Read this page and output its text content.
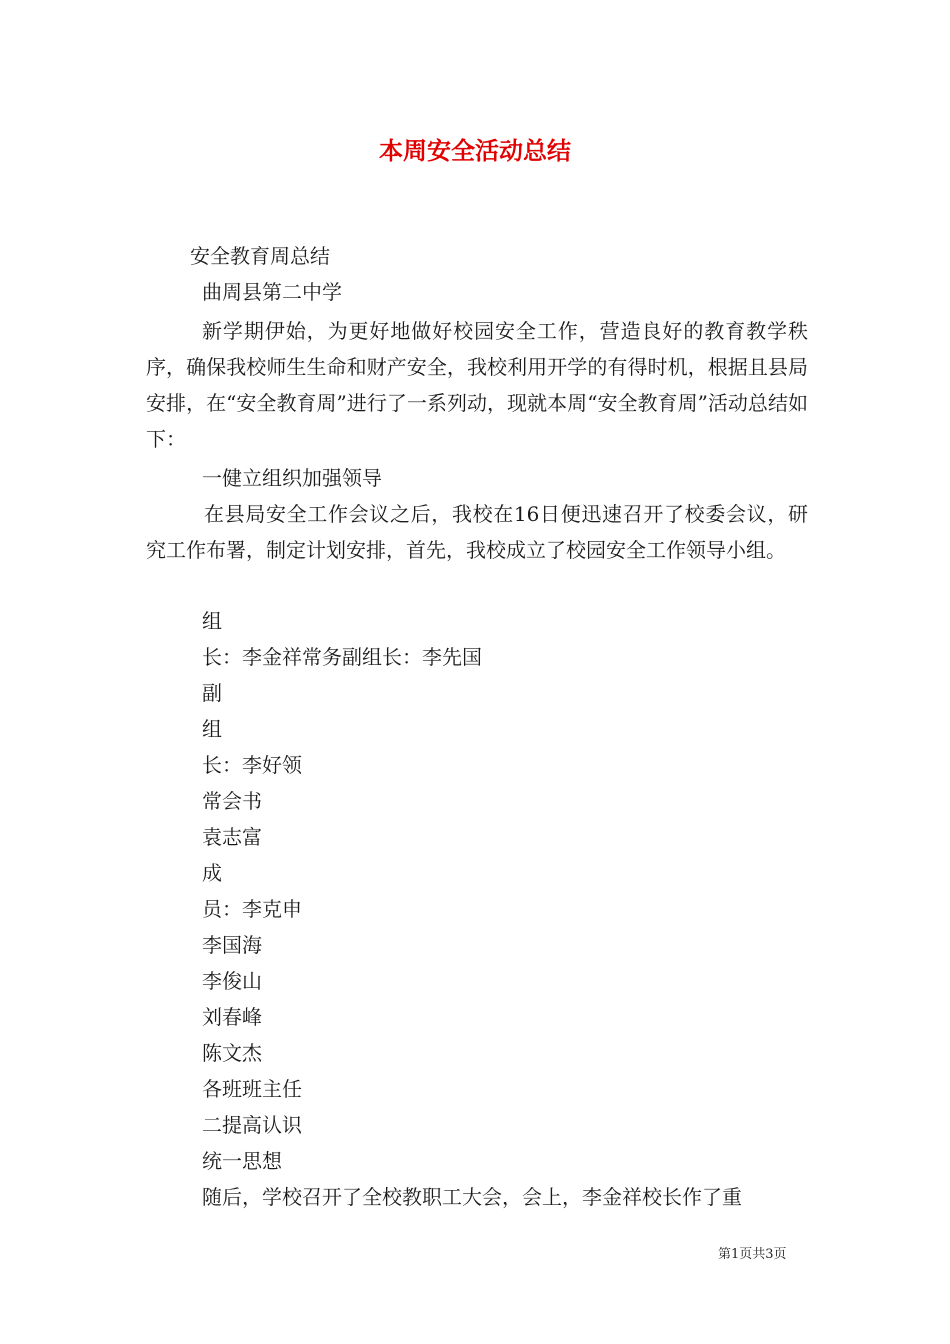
本周安全活动总结
安全教育周总结
曲周县第二中学

新学期伊始，为更好地做好校园安全工作，营造良好的教育教学秩序，确保我校师生生命和财产安全，我校利用开学的有得时机，根据且县局安排，在“安全教育周”进行了一系列动，现就本周“安全教育周”活动总结如下：

一健立组织加强领导

在县局安全工作会议之后，我校在16日便迅速召开了校委会议，研究工作布署，制定计划安排，首先，我校成立了校园安全工作领导小组。

组
长：李金祥常务副组长：李先国
副
组
长：李好领
常会书
袁志富
成
员：李克申
李国海
李俊山
刘春峰
陈文杰
各班班主任
二提高认识
统一思想
随后，学校召开了全校教职工大会，会上，李金祥校长作了重
第1页共3页
